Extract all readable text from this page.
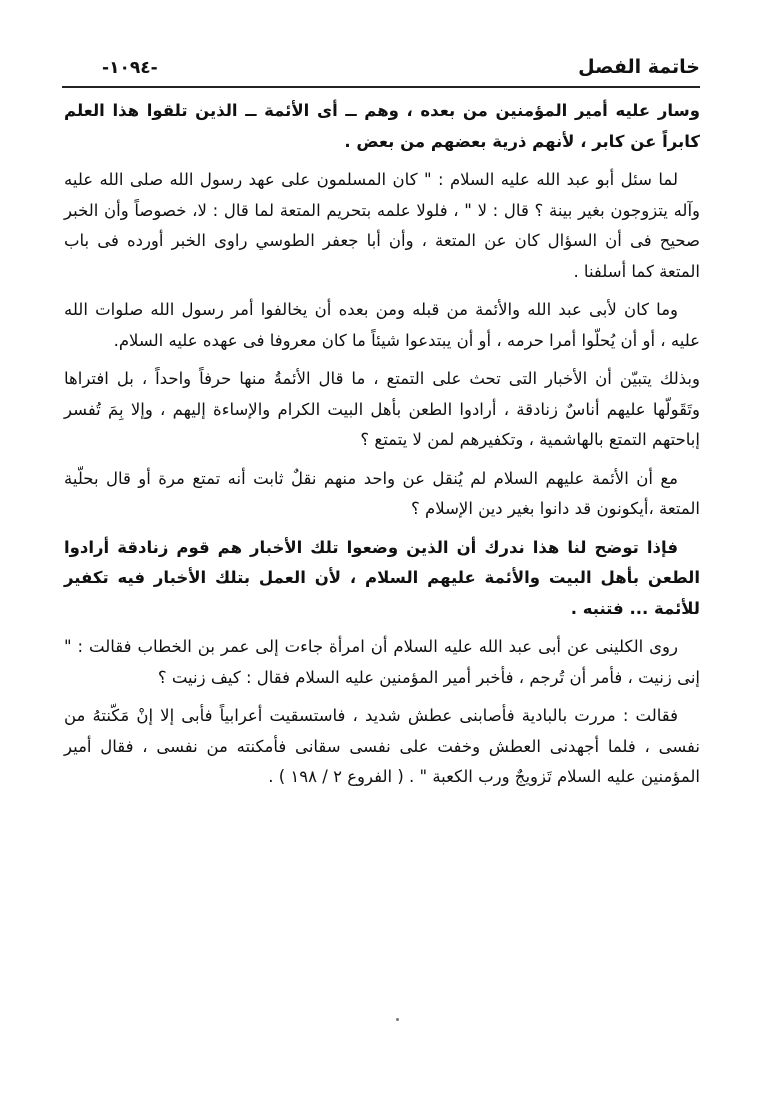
خاتمة الفصل
-١٠٩٤-

وسار عليه أمير المؤمنين من بعده ، وهم ــ أى الأئمة ــ الذين تلقوا هذا العلم كابراً عن كابر ، لأنهم ذرية بعضهم من بعض .

لما سئل أبو عبد الله عليه السلام : " كان المسلمون على عهد رسول الله صلى الله عليه وآله يتزوجون بغير بينة ؟ قال : لا " ، فلولا علمه بتحريم المتعة لما قال : لا، خصوصاً وأن الخبر صحيح فى أن السؤال كان عن المتعة ، وأن أبا جعفر الطوسي راوى الخبر أورده فى باب المتعة كما أسلفنا .

وما كان لأبى عبد الله والأئمة من قبله ومن بعده أن يخالفوا أمر رسول الله صلوات الله عليه ، أو أن يُحلّوا أمرا حرمه ، أو أن يبتدعوا شيئاً ما كان معروفا فى عهده عليه السلام.

وبذلك يتبيّن أن الأخبار التى تحث على التمتع ، ما قال الأئمةُ منها حرفاً واحداً ، بل افتراها وتَقَولّها عليهم أناسٌ زنادقة ، أرادوا الطعن بأهل البيت الكرام والإساءة إليهم ، وإلا بِمَ تُفسر إباحتهم التمتع بالهاشمية ، وتكفيرهم لمن لا يتمتع ؟

مع أن الأئمة عليهم السلام لم يُنقل عن واحد منهم نقلٌ ثابت أنه تمتع مرة أو قال بحلّية المتعة ،أيكونون قد دانوا بغير دين الإسلام ؟

فإذا توضح لنا هذا ندرك أن الذين وضعوا تلك الأخبار هم قوم زنادقة أرادوا الطعن بأهل البيت والأئمة عليهم السلام ، لأن العمل بتلك الأخبار فيه تكفير للأئمة ... فتنبه .

روى الكلينى عن أبى عبد الله عليه السلام أن امرأة جاءت إلى عمر بن الخطاب فقالت : " إنى زنيت ، فأمر أن تُرجم ، فأخبر أمير المؤمنين عليه السلام فقال : كيف زنيت ؟

فقالت : مررت بالبادية فأصابنى عطش شديد ، فاستسقيت أعرابياً فأبى إلا إنْ مَكّنتهُ من نفسى ، فلما أجهدنى العطش وخفت على نفسى سقانى فأمكنته من نفسى ، فقال أمير المؤمنين عليه السلام تَزويجٌ ورب الكعبة " . ( الفروع ٢ / ١٩٨ ) .
